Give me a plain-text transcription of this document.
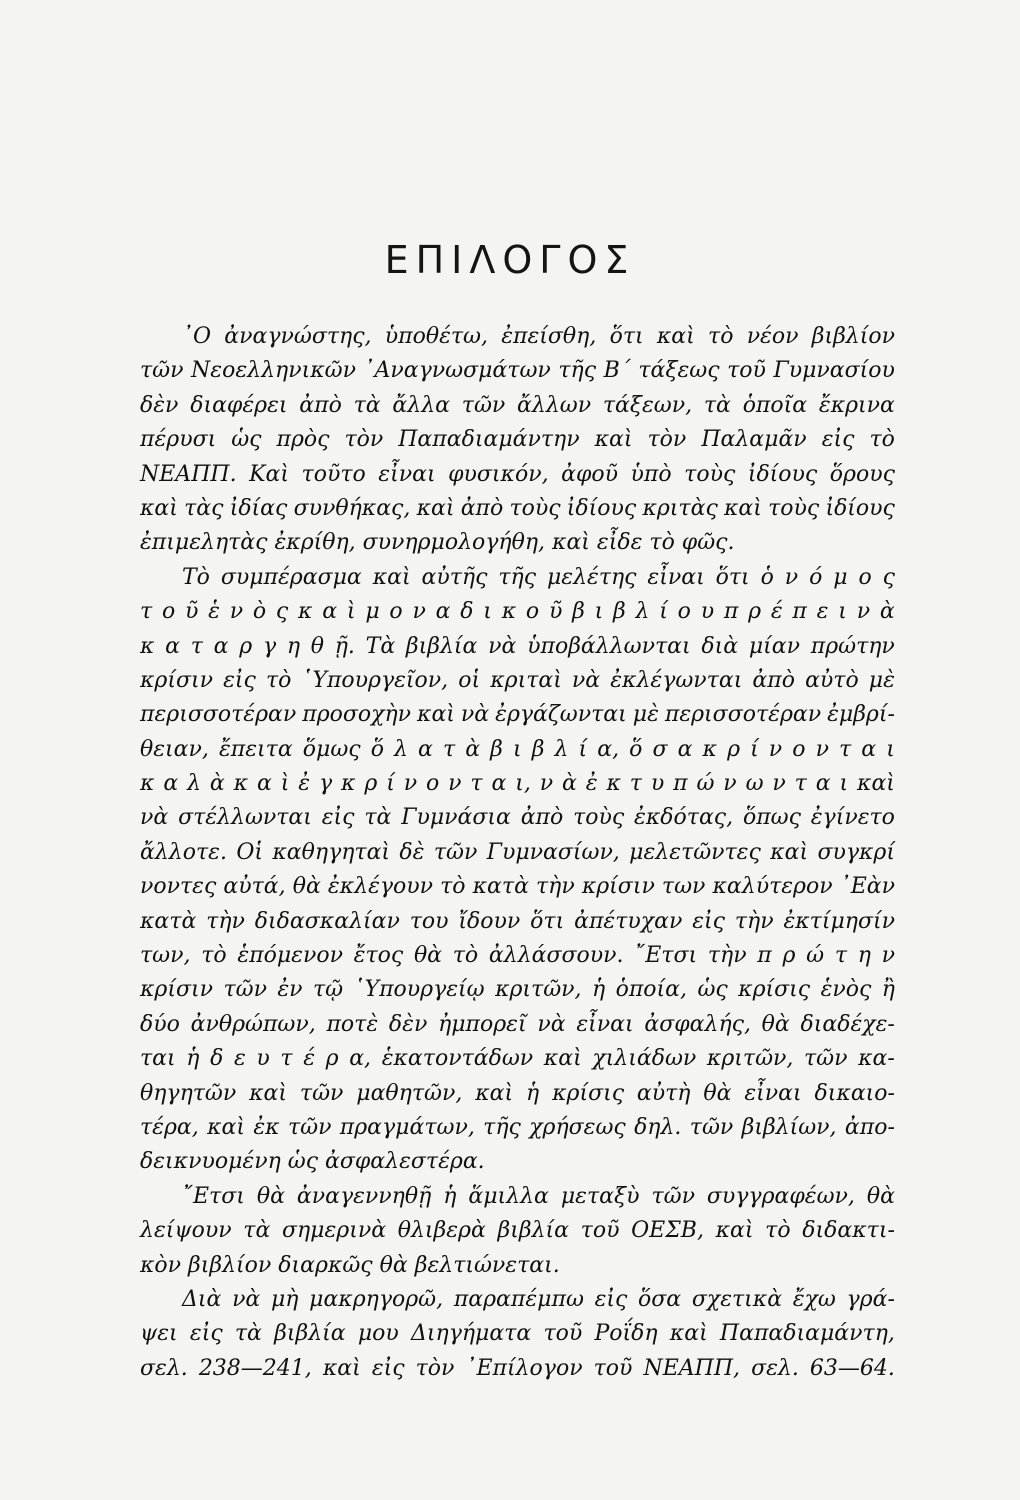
ΕΠΙΛΟΓΟΣ
᾿Ο ἀναγνώστης, ὑποθέτω, ἐπείσθη, ὅτι καὶ τὸ νέον βιβλίον
τῶν Νεοελληνικῶν ᾿Αναγνωσμάτων τῆς Β΄ τάξεως τοῦ Γυμνασίου
δὲν διαφέρει ἀπὸ τὰ ἄλλα τῶν ἄλλων τάξεων, τὰ ὁποῖα ἔκρινα
πέρυσι ὡς πρὸς τὸν Παπαδιαμάντην καὶ τὸν Παλαμᾶν εἰς τὸ
ΝΕΑΠΠ. Καὶ τοῦτο εἶναι φυσικόν, ἀφοῦ ὑπὸ τοὺς ἰδίους ὅρους
καὶ τὰς ἰδίας συνθήκας, καὶ ἀπὸ τοὺς ἰδίους κριτὰς καὶ τοὺς ἰδίους
ἐπιμελητὰς ἐκρίθη, συνηρμολογήθη, καὶ εἶδε τὸ φῶς.
Τὸ συμπέρασμα καὶ αὐτῆς τῆς μελέτης εἶναι ὅτι ὁ ν ό μ ο ς
τ ο ῦ ἑ ν ὸ ς κ α ὶ μ ο ν α δ ι κ ο ῦ β ι β λ ί ο υ π ρ έ π ε ι ν ὰ
κ α τ α ρ γ η θ ῇ. Τὰ βιβλία νὰ ὑποβάλλωνται διὰ μίαν πρώτην
κρίσιν εἰς τὸ ῾Υπουργεῖον, οἱ κριταὶ νὰ ἐκλέγωνται ἀπὸ αὐτὸ μὲ
περισσοτέραν προσοχὴν καὶ νὰ ἐργάζωνται μὲ περισσοτέραν ἐμβρί-
θειαν, ἔπειτα ὅμως ὅ λ α τ ὰ β ι β λ ί α, ὅ σ α κ ρ ί ν ο ν τ α ι
κ α λ ὰ κ α ὶ ἐ γ κ ρ ί ν ο ν τ α ι, ν ὰ ἐ κ τ υ π ώ ν ω ν τ α ι καὶ
νὰ στέλλωνται εἰς τὰ Γυμνάσια ἀπὸ τοὺς ἐκδότας, ὅπως ἐγίνετο
ἄλλοτε. Οἱ καθηγηταὶ δὲ τῶν Γυμνασίων, μελετῶντες καὶ συγκρί
νοντες αὐτά, θὰ ἐκλέγουν τὸ κατὰ τὴν κρίσιν των καλύτερον ᾿Εὰν
κατὰ τὴν διδασκαλίαν του ἴδουν ὅτι ἀπέτυχαν εἰς τὴν ἐκτίμησίν
των, τὸ ἑπόμενον ἔτος θὰ τὸ ἀλλάσσουν. ῎Ετσι τὴν π ρ ώ τ η ν
κρίσιν τῶν ἐν τῷ ῾Υπουργείῳ κριτῶν, ἡ ὁποία, ὡς κρίσις ἑνὸς ἢ
δύο ἀνθρώπων, ποτὲ δὲν ἠμπορεῖ νὰ εἶναι ἀσφαλής, θὰ διαδέχε-
ται ἡ δ ε υ τ έ ρ α, ἑκατοντάδων καὶ χιλιάδων κριτῶν, τῶν κα-
θηγητῶν καὶ τῶν μαθητῶν, καὶ ἡ κρίσις αὐτὴ θὰ εἶναι δικαιο-
τέρα, καὶ ἐκ τῶν πραγμάτων, τῆς χρήσεως δηλ. τῶν βιβλίων, ἀπο-
δεικνυομένη ὡς ἀσφαλεστέρα.
῎Ετσι θὰ ἀναγεννηθῇ ἡ ἅμιλλα μεταξὺ τῶν συγγραφέων, θὰ
λείψουν τὰ σημερινὰ θλιβερὰ βιβλία τοῦ ΟΕΣΒ, καὶ τὸ διδακτι-
κὸν βιβλίον διαρκῶς θὰ βελτιώνεται.
Διὰ νὰ μὴ μακρηγορῶ, παραπέμπω εἰς ὅσα σχετικὰ ἔχω γρά-
ψει εἰς τὰ βιβλία μου Διηγήματα τοῦ Ροΐδη καὶ Παπαδιαμάντη,
σελ. 238—241, καὶ εἰς τὸν ᾿Επίλογον τοῦ ΝΕΑΠΠ, σελ. 63—64.
